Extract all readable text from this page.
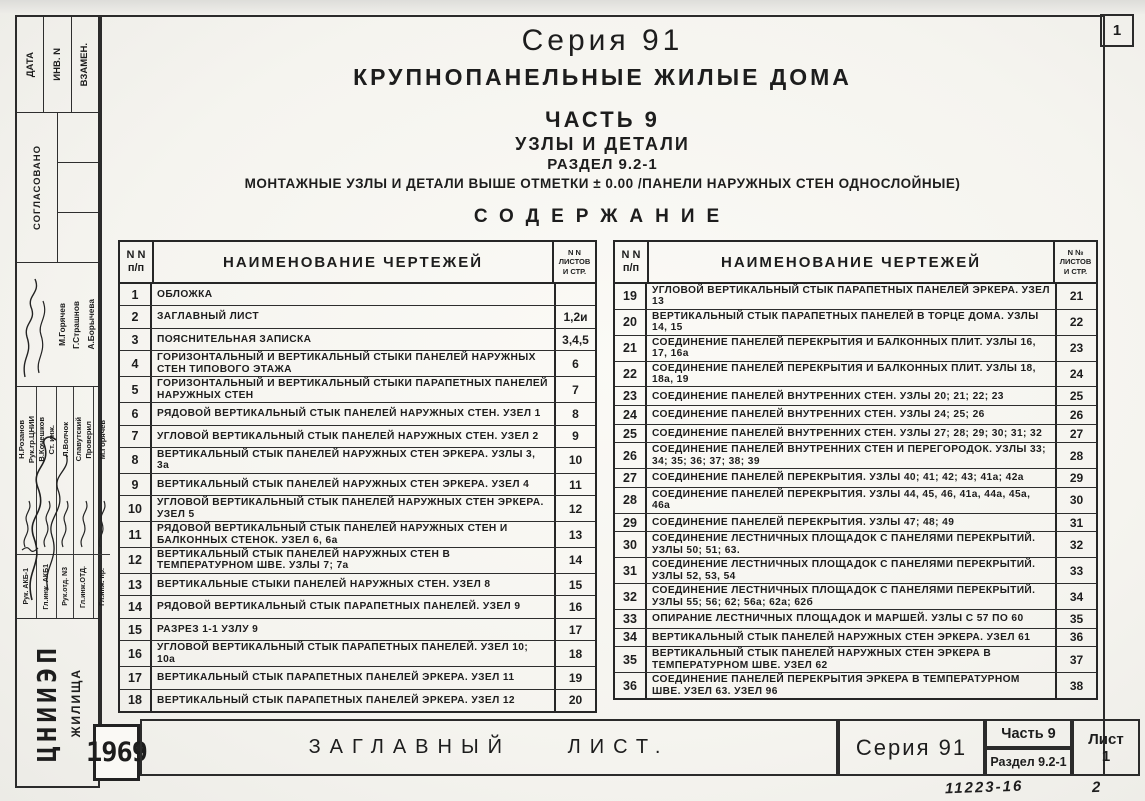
1
ДАТА ИНВ. N ВЗАМЕН.
СОГЛАСОВАНО
М.Горячев Г.Страшнов А.Борычева
Н.Розанов Рук.гр.ЦНИИ
Рук. АКБ-1
В.Кочешков Ст. инж.
Гл.инж. АКБ1
Л.Волчок
Рук.отд. N3
Славутский Проверил
Гл.инж.ОТД.
М.Горячев
Гл.инж. пр.
ЦНИИЭП ЖИЛИЩА
Серия 91
КРУПНОПАНЕЛЬНЫЕ ЖИЛЫЕ ДОМА
ЧАСТЬ 9
УЗЛЫ И ДЕТАЛИ
РАЗДЕЛ 9.2-1
МОНТАЖНЫЕ УЗЛЫ И ДЕТАЛИ ВЫШЕ ОТМЕТКИ ± 0.00 /ПАНЕЛИ НАРУЖНЫХ СТЕН ОДНОСЛОЙНЫЕ)
СОДЕРЖАНИЕ
N N
п/п	НАИМЕНОВАНИЕ ЧЕРТЕЖЕЙ
N N
ЛИСТОВ
И СТР.
1	ОБЛОЖКА
2	ЗАГЛАВНЫЙ ЛИСТ	1,2и
3	ПОЯСНИТЕЛЬНАЯ ЗАПИСКА	3,4,5
4	ГОРИЗОНТАЛЬНЫЙ И ВЕРТИКАЛЬНЫЙ СТЫКИ ПАНЕЛЕЙ НАРУЖНЫХ СТЕН ТИПОВОГО ЭТАЖА	6
5	ГОРИЗОНТАЛЬНЫЙ И ВЕРТИКАЛЬНЫЙ СТЫКИ ПАРАПЕТНЫХ ПАНЕЛЕЙ НАРУЖНЫХ СТЕН	7
6	РЯДОВОЙ ВЕРТИКАЛЬНЫЙ СТЫК ПАНЕЛЕЙ НАРУЖНЫХ СТЕН. УЗЕЛ 1	8
7	УГЛОВОЙ ВЕРТИКАЛЬНЫЙ СТЫК ПАНЕЛЕЙ НАРУЖНЫХ СТЕН. УЗЕЛ 2	9
8	ВЕРТИКАЛЬНЫЙ СТЫК ПАНЕЛЕЙ НАРУЖНЫХ СТЕН ЭРКЕРА. УЗЛЫ 3, 3а	10
9	ВЕРТИКАЛЬНЫЙ СТЫК ПАНЕЛЕЙ НАРУЖНЫХ СТЕН ЭРКЕРА. УЗЕЛ 4	11
10	УГЛОВОЙ ВЕРТИКАЛЬНЫЙ СТЫК ПАНЕЛЕЙ НАРУЖНЫХ СТЕН ЭРКЕРА. УЗЕЛ 5	12
11	РЯДОВОЙ ВЕРТИКАЛЬНЫЙ СТЫК ПАНЕЛЕЙ НАРУЖНЫХ СТЕН И БАЛКОННЫХ СТЕНОК. УЗЕЛ 6, 6а	13
12	ВЕРТИКАЛЬНЫЙ СТЫК ПАНЕЛЕЙ НАРУЖНЫХ СТЕН В ТЕМПЕРАТУРНОМ ШВЕ. УЗЛЫ 7; 7а	14
13	ВЕРТИКАЛЬНЫЕ СТЫКИ ПАНЕЛЕЙ НАРУЖНЫХ СТЕН. УЗЕЛ 8	15
14	РЯДОВОЙ ВЕРТИКАЛЬНЫЙ СТЫК ПАРАПЕТНЫХ ПАНЕЛЕЙ. УЗЕЛ 9	16
15	РАЗРЕЗ 1-1 УЗЛУ 9	17
16	УГЛОВОЙ ВЕРТИКАЛЬНЫЙ СТЫК ПАРАПЕТНЫХ ПАНЕЛЕЙ. УЗЕЛ 10; 10а	18
17	ВЕРТИКАЛЬНЫЙ СТЫК ПАРАПЕТНЫХ ПАНЕЛЕЙ ЭРКЕРА. УЗЕЛ 11	19
18	ВЕРТИКАЛЬНЫЙ СТЫК ПАРАПЕТНЫХ ПАНЕЛЕЙ ЭРКЕРА. УЗЕЛ 12	20
N N
п/п	НАИМЕНОВАНИЕ ЧЕРТЕЖЕЙ
N №
ЛИСТОВ
И СТР.
19	УГЛОВОЙ ВЕРТИКАЛЬНЫЙ СТЫК ПАРАПЕТНЫХ ПАНЕЛЕЙ ЭРКЕРА. УЗЕЛ 13	21
20	ВЕРТИКАЛЬНЫЙ СТЫК ПАРАПЕТНЫХ ПАНЕЛЕЙ В ТОРЦЕ ДОМА. УЗЛЫ 14, 15	22
21	СОЕДИНЕНИЕ ПАНЕЛЕЙ ПЕРЕКРЫТИЯ И БАЛКОННЫХ ПЛИТ. УЗЛЫ 16, 17, 16а	23
22	СОЕДИНЕНИЕ ПАНЕЛЕЙ ПЕРЕКРЫТИЯ И БАЛКОННЫХ ПЛИТ. УЗЛЫ 18, 18а, 19	24
23	СОЕДИНЕНИЕ ПАНЕЛЕЙ ВНУТРЕННИХ СТЕН. УЗЛЫ 20; 21; 22; 23	25
24	СОЕДИНЕНИЕ ПАНЕЛЕЙ ВНУТРЕННИХ СТЕН. УЗЛЫ 24; 25; 26	26
25	СОЕДИНЕНИЕ ПАНЕЛЕЙ ВНУТРЕННИХ СТЕН. УЗЛЫ 27; 28; 29; 30; 31; 32	27
26	СОЕДИНЕНИЕ ПАНЕЛЕЙ ВНУТРЕННИХ СТЕН И ПЕРЕГОРОДОК. УЗЛЫ 33; 34; 35; 36; 37; 38; 39	28
27	СОЕДИНЕНИЕ ПАНЕЛЕЙ ПЕРЕКРЫТИЯ. УЗЛЫ 40; 41; 42; 43; 41а; 42а	29
28	СОЕДИНЕНИЕ ПАНЕЛЕЙ ПЕРЕКРЫТИЯ. УЗЛЫ 44, 45, 46, 41а, 44а, 45а, 46а	30
29	СОЕДИНЕНИЕ ПАНЕЛЕЙ ПЕРЕКРЫТИЯ. УЗЛЫ 47; 48; 49	31
30	СОЕДИНЕНИЕ ЛЕСТНИЧНЫХ ПЛОЩАДОК С ПАНЕЛЯМИ ПЕРЕКРЫТИЙ. УЗЛЫ 50; 51; 63.	32
31	СОЕДИНЕНИЕ ЛЕСТНИЧНЫХ ПЛОЩАДОК С ПАНЕЛЯМИ ПЕРЕКРЫТИЙ. УЗЛЫ 52, 53, 54	33
32	СОЕДИНЕНИЕ ЛЕСТНИЧНЫХ ПЛОЩАДОК С ПАНЕЛЯМИ ПЕРЕКРЫТИЙ. УЗЛЫ 55; 56; 62; 56а; 62а; 62б	34
33	ОПИРАНИЕ ЛЕСТНИЧНЫХ ПЛОЩАДОК И МАРШЕЙ. УЗЛЫ С 57 ПО 60	35
34	ВЕРТИКАЛЬНЫЙ СТЫК ПАНЕЛЕЙ НАРУЖНЫХ СТЕН ЭРКЕРА. УЗЕЛ 61	36
35	ВЕРТИКАЛЬНЫЙ СТЫК ПАНЕЛЕЙ НАРУЖНЫХ СТЕН ЭРКЕРА В ТЕМПЕРАТУРНОМ ШВЕ. УЗЕЛ 62	37
36	СОЕДИНЕНИЕ ПАНЕЛЕЙ ПЕРЕКРЫТИЯ ЭРКЕРА В ТЕМПЕРАТУРНОМ ШВЕ. УЗЕЛ 63. УЗЕЛ 96	38
1969	ЗАГЛАВНЫЙ ЛИСТ.	Серия 91
Часть 9
Раздел 9.2-1
Лист
1
11223-16	2
